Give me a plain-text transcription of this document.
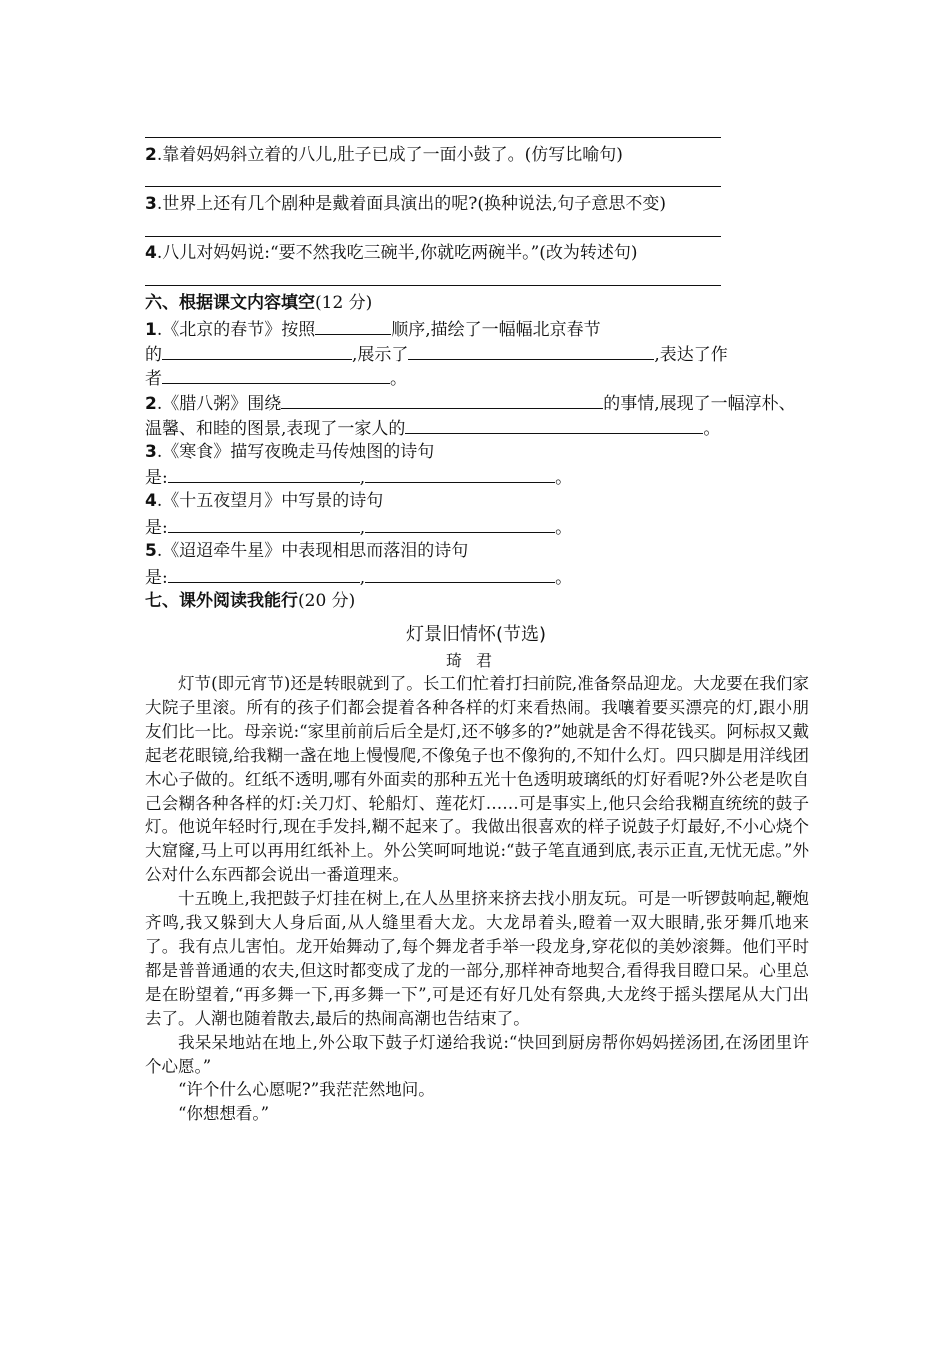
2.靠着妈妈斜立着的八儿,肚子已成了一面小鼓了。(仿写比喻句)
3.世界上还有几个剧种是戴着面具演出的呢?(换种说法,句子意思不变)
4.八儿对妈妈说:“要不然我吃三碗半,你就吃两碗半。”(改为转述句)
六、根据课文内容填空(12 分)
1.《北京的春节》按照	顺序,描绘了一幅幅北京春节
的	,展示了	,表达了作
者	。
2.《腊八粥》围绕	的事情,展现了一幅淳朴、
温馨、和睦的图景,表现了一家人的	。
3.《寒食》描写夜晚走马传烛图的诗句
是:	,	。
4.《十五夜望月》中写景的诗句
是:	,	。
5.《迢迢牵牛星》中表现相思而落泪的诗句
是:	,	。
七、课外阅读我能行(20 分)
灯景旧情怀(节选)
琦君

灯节(即元宵节)还是转眼就到了。长工们忙着打扫前院,准备祭品迎龙。大龙要在我们家大院子里滚。所有的孩子们都会提着各种各样的灯来看热闹。我嚷着要买漂亮的灯,跟小朋友们比一比。母亲说:“家里前前后后全是灯,还不够多的?”她就是舍不得花钱买。阿标叔又戴起老花眼镜,给我糊一盏在地上慢慢爬,不像兔子也不像狗的,不知什么灯。四只脚是用洋线团木心子做的。红纸不透明,哪有外面卖的那种五光十色透明玻璃纸的灯好看呢?外公老是吹自己会糊各种各样的灯:关刀灯、轮船灯、莲花灯……可是事实上,他只会给我糊直统统的鼓子灯。他说年轻时行,现在手发抖,糊不起来了。我做出很喜欢的样子说鼓子灯最好,不小心烧个大窟窿,马上可以再用红纸补上。外公笑呵呵地说:“鼓子笔直通到底,表示正直,无忧无虑。”外公对什么东西都会说出一番道理来。

十五晚上,我把鼓子灯挂在树上,在人丛里挤来挤去找小朋友玩。可是一听锣鼓响起,鞭炮齐鸣,我又躲到大人身后面,从人缝里看大龙。大龙昂着头,瞪着一双大眼睛,张牙舞爪地来了。我有点儿害怕。龙开始舞动了,每个舞龙者手举一段龙身,穿花似的美妙滚舞。他们平时都是普普通通的农夫,但这时都变成了龙的一部分,那样神奇地契合,看得我目瞪口呆。心里总是在盼望着,“再多舞一下,再多舞一下”,可是还有好几处有祭典,大龙终于摇头摆尾从大门出去了。人潮也随着散去,最后的热闹高潮也告结束了。

我呆呆地站在地上,外公取下鼓子灯递给我说:“快回到厨房帮你妈妈搓汤团,在汤团里许个心愿。”

“许个什么心愿呢?”我茫茫然地问。

“你想想看。”
